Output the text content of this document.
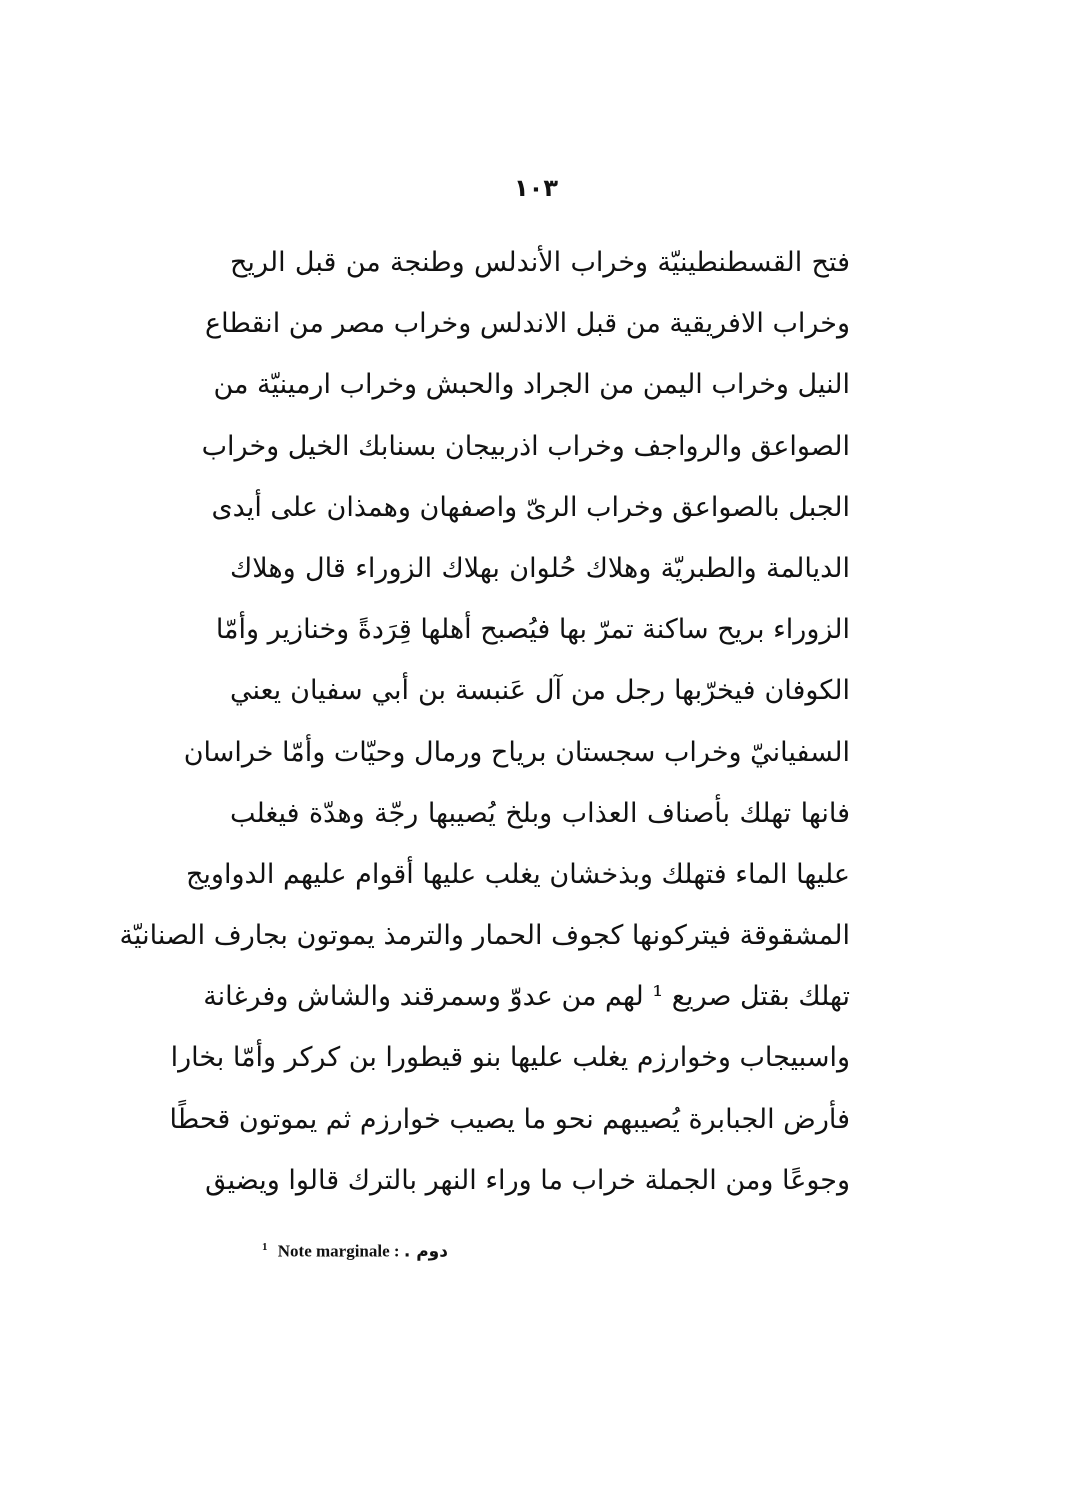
١٠٣
فتح القسطنطينيّة وخراب الأندلس وطنجة من قبل الريح
وخراب الافريقية من قبل الاندلس وخراب مصر من انقطاع
النيل وخراب اليمن من الجراد والحبش وخراب ارمينيّة من
الصواعق والرواجف وخراب اذربيجان بسنابك الخيل وخراب
الجبل بالصواعق وخراب الرىّ واصفهان وهمذان على أيدى
الديالمة والطبريّة وهلاك حُلوان بهلاك الزوراء قال وهلاك
الزوراء بريح ساكنة تمرّ بها فيُصبح أهلها قِرَدةً وخنازير وأمّا
الكوفان فيخرّبها رجل من آل عَنبسة بن أبي سفيان يعني
السفيانيّ وخراب سجستان برياح ورمال وحيّات وأمّا خراسان
فانها تهلك بأصناف العذاب وبلخ يُصيبها رجّة وهدّة فيغلب
عليها الماء فتهلك وبذخشان يغلب عليها أقوام عليهم الدواويج
المشقوقة فيتركونها كجوف الحمار والترمذ يموتون بجارف الصنانيّة
تهلك بقتل صريع ¹ لهم من عدوّ وسمرقند والشاش وفرغانة
واسبيجاب وخوارزم يغلب عليها بنو قيطورا بن كركر وأمّا بخارا
فأرض الجبابرة يُصيبهم نحو ما يصيب خوارزم ثم يموتون قحطًا
وجوعًا ومن الجملة خراب ما وراء النهر بالترك قالوا ويضيق
$^1$ Note marginale : دوم .
